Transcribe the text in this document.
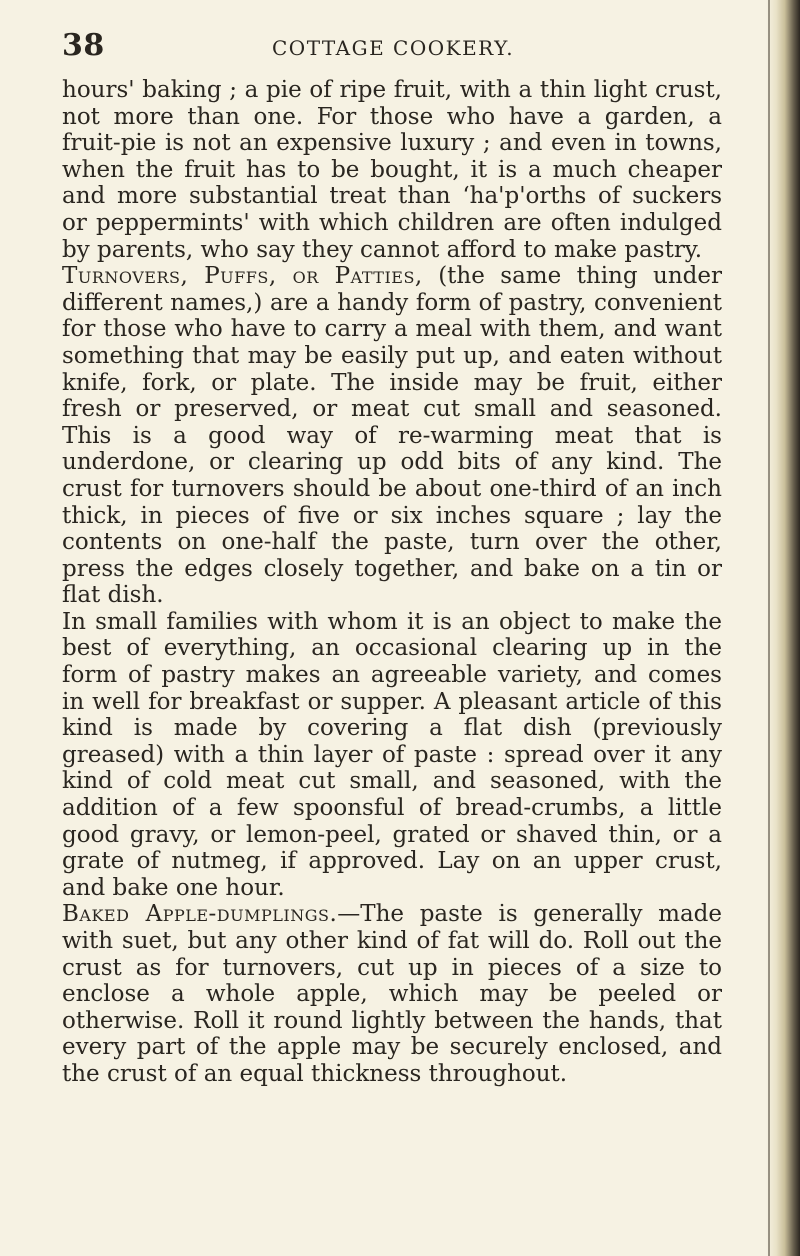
38	COTTAGE COOKERY.

hours' baking ; a pie of ripe fruit, with a thin light crust, not more than one. For those who have a garden, a fruit-pie is not an expensive luxury ; and even in towns, when the fruit has to be bought, it is a much cheaper and more substantial treat than ‘ha'p'orths of suckers or peppermints' with which children are often indulged by parents, who say they cannot afford to make pastry.

Turnovers, Puffs, or Patties, (the same thing under different names,) are a handy form of pastry, convenient for those who have to carry a meal with them, and want something that may be easily put up, and eaten without knife, fork, or plate. The inside may be fruit, either fresh or preserved, or meat cut small and seasoned. This is a good way of re-warming meat that is underdone, or clearing up odd bits of any kind. The crust for turnovers should be about one-third of an inch thick, in pieces of five or six inches square ; lay the contents on one-half the paste, turn over the other, press the edges closely together, and bake on a tin or flat dish.

In small families with whom it is an object to make the best of everything, an occasional clearing up in the form of pastry makes an agreeable variety, and comes in well for breakfast or supper. A pleasant article of this kind is made by covering a flat dish (previously greased) with a thin layer of paste : spread over it any kind of cold meat cut small, and seasoned, with the addition of a few spoonsful of bread-crumbs, a little good gravy, or lemon-peel, grated or shaved thin, or a grate of nutmeg, if approved. Lay on an upper crust, and bake one hour.

Baked Apple-dumplings.—The paste is generally made with suet, but any other kind of fat will do. Roll out the crust as for turnovers, cut up in pieces of a size to enclose a whole apple, which may be peeled or otherwise. Roll it round lightly between the hands, that every part of the apple may be securely enclosed, and the crust of an equal thickness throughout.
